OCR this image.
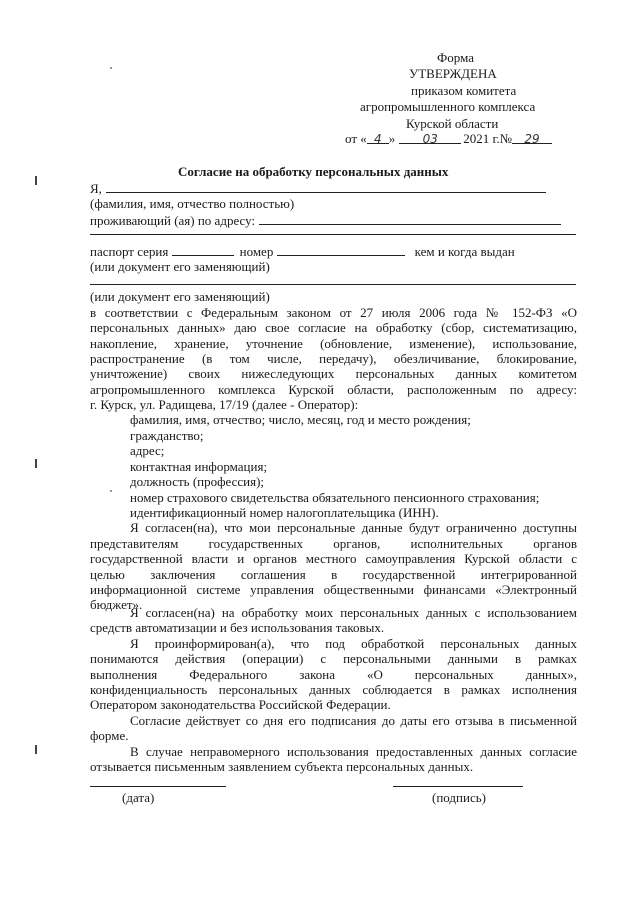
Форма
УТВЕРЖДЕНА
приказом комитета
агропромышленного комплекса
Курской области
от « 4 » 03 2021 г.№ 29
Согласие на обработку персональных данных
Я,
(фамилия, имя, отчество полностью)
проживающий (ая) по адресу:
паспорт серия	номер	кем и когда выдан
(или документ его заменяющий)
(или документ его заменяющий)
в соответствии с Федеральным законом от 27 июля 2006 года № 152-ФЗ «О
персональных данных» даю свое согласие на обработку (сбор, систематизацию,
накопление, хранение, уточнение (обновление, изменение), использование,
распространение (в том числе, передачу), обезличивание, блокирование,
уничтожение) своих нижеследующих персональных данных комитетом
агропромышленного комплекса Курской области, расположенным по адресу:
г. Курск, ул. Радищева, 17/19 (далее - Оператор):
фамилия, имя, отчество; число, месяц, год и место рождения;
гражданство;
адрес;
контактная информация;
должность (профессия);
номер страхового свидетельства обязательного пенсионного страхования;
идентификационный номер налогоплательщика (ИНН).
Я согласен(на), что мои персональные данные будут ограниченно доступны
представителям государственных органов, исполнительных органов
государственной власти и органов местного самоуправления Курской области с
целью заключения соглашения в государственной интегрированной
информационной системе управления общественными финансами «Электронный
бюджет».
Я согласен(на) на обработку моих персональных данных с использованием
средств автоматизации и без использования таковых.
Я проинформирован(а), что под обработкой персональных данных
понимаются действия (операции) с персональными данными в рамках
выполнения Федерального закона «О персональных данных»,
конфиденциальность персональных данных соблюдается в рамках исполнения
Оператором законодательства Российской Федерации.
Согласие действует со дня его подписания до даты его отзыва в письменной
форме.
В случае неправомерного использования предоставленных данных согласие
отзывается письменным заявлением субъекта персональных данных.
(дата)	(подпись)
